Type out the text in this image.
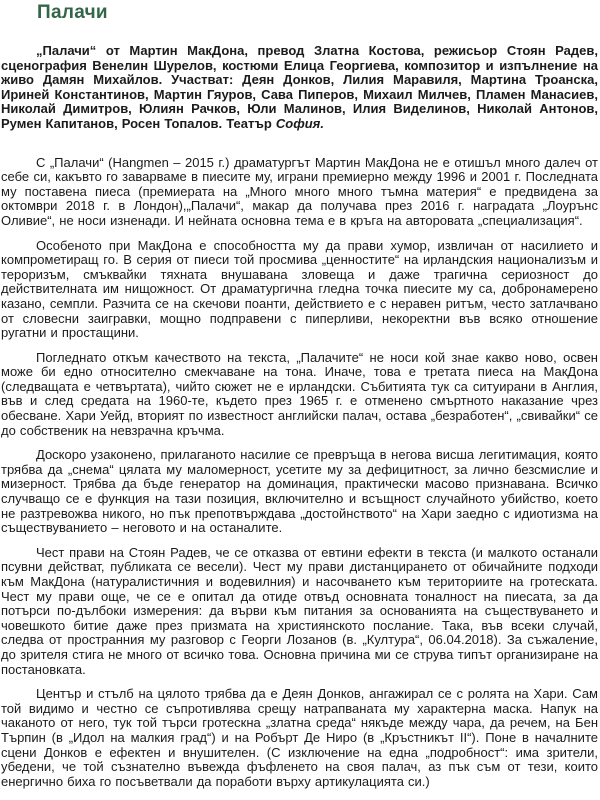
Палачи

„Палачи“ от Мартин МакДона, превод Златна Костова, режисьор Стоян Радев, сценография Венелин Шурелов, костюми Елица Георгиева, композитор и изпълнение на живо Дамян Михайлов. Участват: Деян Донков, Лилия Маравиля, Мартина Троанска, Ириней Константинов, Мартин Гяуров, Сава Пиперов, Михаил Милчев, Пламен Манасиев, Николай Димитров, Юлиян Рачков, Юли Малинов, Илия Виделинов, Николай Антонов, Румен Капитанов, Росен Топалов. Театър София.

С „Палачи“ (Hangmen – 2015 г.) драматургът Мартин МакДона не е отишъл много далеч от себе си, какъвто го заварваме в пиесите му, играни премиерно между 1996 и 2001 г. Последната му поставена пиеса (премиерата на „Много много много тъмна материя“ е предвидена за октомври 2018 г. в Лондон),„Палачи“, макар да получава през 2016 г. наградата „Лоурънс Оливие“, не носи изненади. И нейната основна тема е в кръга на авторовата „специализация“.

Особеното при МакДона е способността му да прави хумор, извличан от насилието и компрометиращ го. В серия от пиеси той просмива „ценностите“ на ирландския национализъм и тероризъм, смъквайки тяхната внушавана зловеща и даже трагична сериозност до действителната им нищожност. От драматургична гледна точка пиесите му са, добронамерено казано, семпли. Разчита се на скечови поанти, действието е с неравен ритъм, често затлачвано от словесни заигравки, мощно подправени с пиперливи, некоректни във всяко отношение ругатни и простащини.

Погледнато откъм качеството на текста, „Палачите“ не носи кой знае какво ново, освен може би едно относително смекчаване на тона. Иначе, това е третата пиеса на МакДона (следващата е четвъртата), чийто сюжет не е ирландски. Събитията тук са ситуирани в Англия, във и след средата на 1960-те, където през 1965 г. е отменено смъртното наказание чрез обесване. Хари Уейд, вторият по известност английски палач, остава „безработен“, „свивайки“ се до собственик на невзрачна кръчма.

Доскоро узаконено, прилаганото насилие се превръща в негова висша легитимация, която трябва да „снема“ цялата му маломерност, усетите му за дефицитност, за лично безсмислие и мизерност. Трябва да бъде генератор на доминация, практически масово признавана. Всичко случващо се е функция на тази позиция, включително и всъщност случайното убийство, което не разтревожва никого, но пък препотвърждава „достойнството“ на Хари заедно с идиотизма на съществуванието – неговото и на останалите.

Чест прави на Стоян Радев, че се отказва от евтини ефекти в текста (и малкото останали псувни действат, публиката се весели). Чест му прави дистанцирането от обичайните подходи към МакДона (натуралистичния и водевилния) и насочването към териториите на гротеската. Чест му прави още, че се е опитал да отиде отвъд основната тоналност на пиесата, за да потърси по-дълбоки измерения: да върви към питания за основанията на съществуването и човешкото битие даже през призмата на християнското послание. Така, във всеки случай, следва от пространния му разговор с Георги Лозанов (в. „Култура“, 06.04.2018). За съжаление, до зрителя стига не много от всичко това. Основна причина ми се струва типът организиране на постановката.

Център и стълб на цялото трябва да е Деян Донков, ангажирал се с ролята на Хари. Сам той видимо и честно се съпротивлява срещу натрапваната му характерна маска. Напук на чаканото от него, тук той търси гротескна „златна среда“ някъде между чара, да речем, на Бен Търпин (в „Идол на малкия град“) и на Робърт Де Ниро (в „Кръстникът II“). Поне в началните сцени Донков е ефектен и внушителен. (С изключение на една „подробност“: има зрители, убедени, че той съзнателно въвежда фъфленето на своя палач, аз пък съм от тези, които енергично биха го посъветвали да поработи върху артикулацията си.)
